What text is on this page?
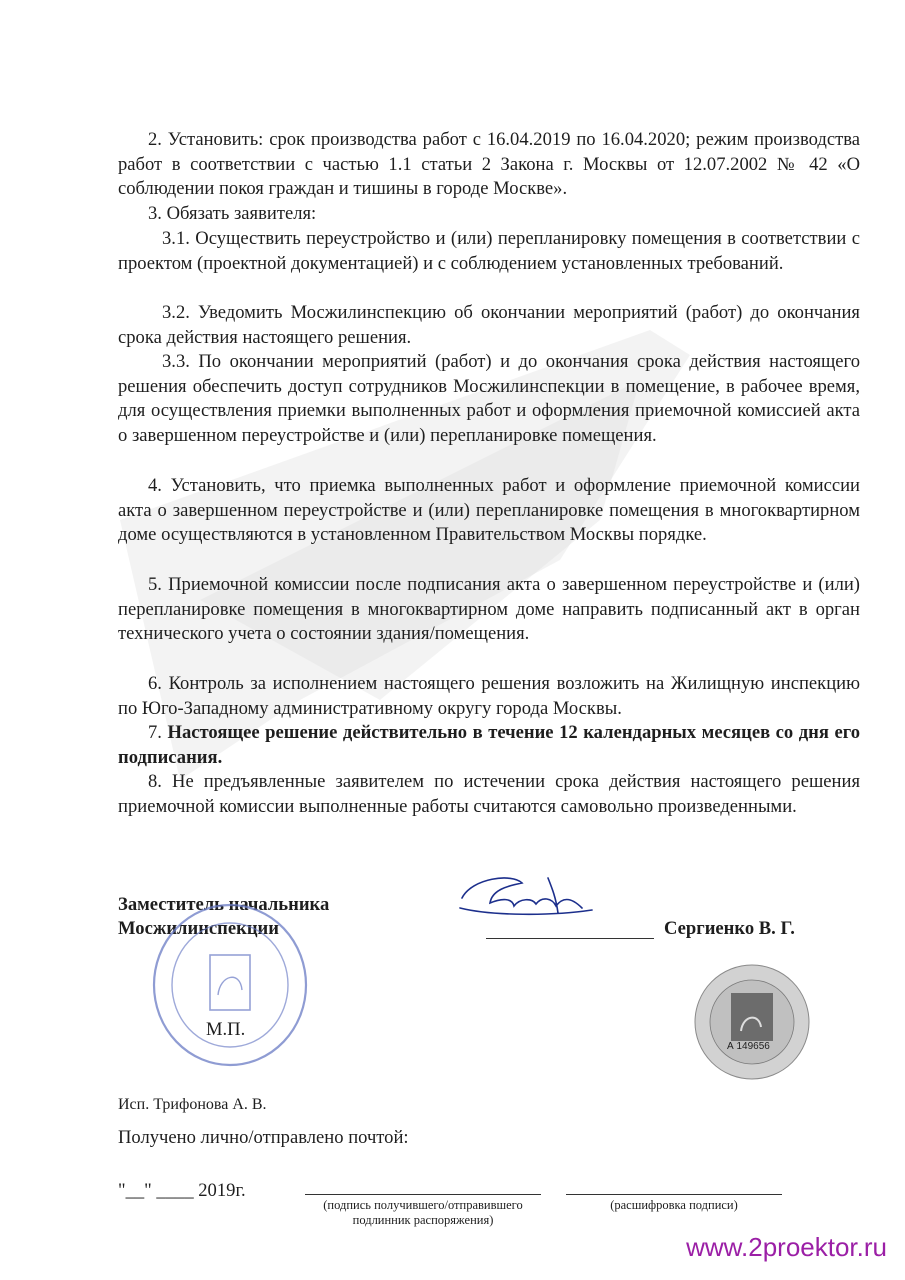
2. Установить: срок производства работ с 16.04.2019 по 16.04.2020; режим производства работ в соответствии с частью 1.1 статьи 2 Закона г. Москвы от 12.07.2002 № 42 «О соблюдении покоя граждан и тишины в городе Москве».
3. Обязать заявителя:
3.1. Осуществить переустройство и (или) перепланировку помещения в соответствии с проектом (проектной документацией) и с соблюдением установленных требований.
3.2. Уведомить Мосжилинспекцию об окончании мероприятий (работ) до окончания срока действия настоящего решения.
3.3. По окончании мероприятий (работ) и до окончания срока действия настоящего решения обеспечить доступ сотрудников Мосжилинспекции в помещение, в рабочее время, для осуществления приемки выполненных работ и оформления приемочной комиссией акта о завершенном переустройстве и (или) перепланировке помещения.
4. Установить, что приемка выполненных работ и оформление приемочной комиссии акта о завершенном переустройстве и (или) перепланировке помещения в многоквартирном доме осуществляются в установленном Правительством Москвы порядке.
5. Приемочной комиссии после подписания акта о завершенном переустройстве и (или) перепланировке помещения в многоквартирном доме направить подписанный акт в орган технического учета о состоянии здания/помещения.
6. Контроль за исполнением настоящего решения возложить на Жилищную инспекцию по Юго-Западному административному округу города Москвы.
7. Настоящее решение действительно в течение 12 календарных месяцев со дня его подписания.
8. Не предъявленные заявителем по истечении срока действия настоящего решения приемочной комиссии выполненные работы считаются самовольно произведенными.
Заместитель начальника
Мосжилинспекции	Сергиенко В. Г.
М.П.
А 149656
Исп. Трифонова А. В.
Получено лично/отправлено почтой:
"__" ____ 2019г.
(подпись получившего/отправившего
подлинник распоряжения)
(расшифровка подписи)
www.2proektor.ru
